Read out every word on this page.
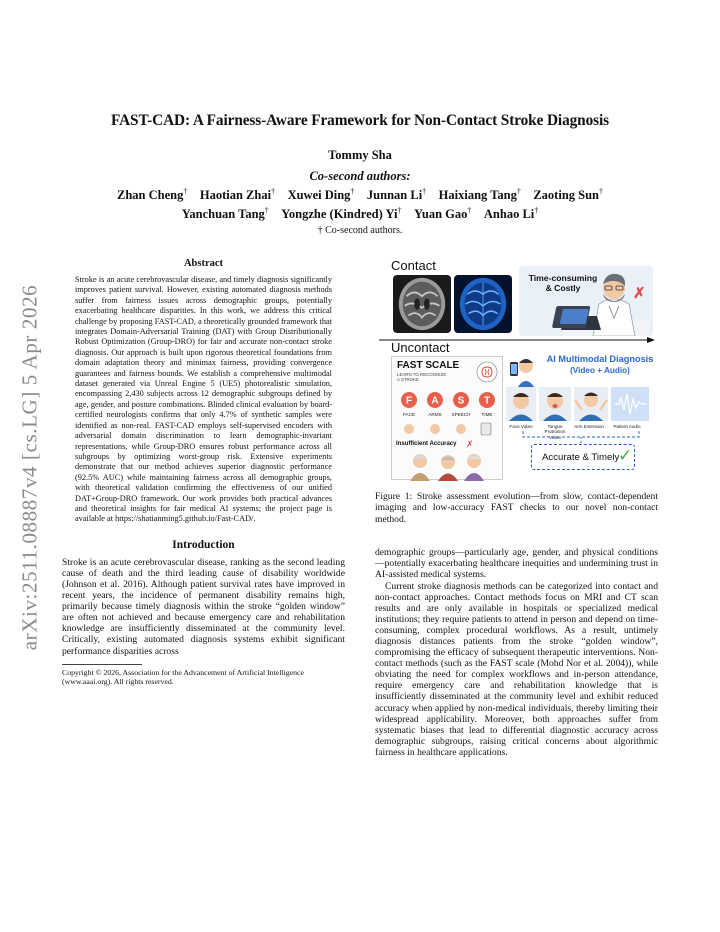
arXiv:2511.08887v4 [cs.LG] 5 Apr 2026
FAST-CAD: A Fairness-Aware Framework for Non-Contact Stroke Diagnosis
Tommy Sha
Co-second authors:
Zhan Cheng†  Haotian Zhai†  Xuwei Ding†  Junnan Li†  Haixiang Tang†  Zaoting Sun†
Yanchuan Tang†  Yongzhe (Kindred) Yi†  Yuan Gao†  Anhao Li†
† Co-second authors.
Abstract
Stroke is an acute cerebrovascular disease, and timely diagnosis significantly improves patient survival. However, existing automated diagnosis methods suffer from fairness issues across demographic groups, potentially exacerbating healthcare disparities. In this work, we address this critical challenge by proposing FAST-CAD, a theoretically grounded framework that integrates Domain-Adversarial Training (DAT) with Group Distributionally Robust Optimization (Group-DRO) for fair and accurate non-contact stroke diagnosis. Our approach is built upon rigorous theoretical foundations from domain adaptation theory and minimax fairness, providing convergence guarantees and fairness bounds. We establish a comprehensive multimodal dataset generated via Unreal Engine 5 (UE5) photorealistic simulation, encompassing 2,430 subjects across 12 demographic subgroups defined by age, gender, and posture combinations. Blinded clinical evaluation by board-certified neurologists confirms that only 4.7% of synthetic samples were identified as non-real. FAST-CAD employs self-supervised encoders with adversarial domain discrimination to learn demographic-invariant representations, while Group-DRO ensures robust performance across all subgroups by optimizing worst-group risk. Extensive experiments demonstrate that our method achieves superior diagnostic performance (92.5% AUC) while maintaining fairness across all demographic groups, with theoretical validation confirming the effectiveness of our unified DAT+Group-DRO framework. Our work provides both practical advances and theoretical insights for fair medical AI systems; the project page is available at https://shatianming5.github.io/Fast-CAD/.
Introduction

Stroke is an acute cerebrovascular disease, ranking as the second leading cause of death and the third leading cause of disability worldwide (Johnson et al. 2016). Although patient survival rates have improved in recent years, the incidence of permanent disability remains high, primarily because timely diagnosis within the stroke “golden window” are often not achieved and because emergency care and rehabilitation knowledge are insufficiently disseminated at the community level. Critically, existing automated diagnosis systems exhibit significant performance disparities across

Copyright © 2026, Association for the Advancement of Artificial Intelligence (www.aaai.org). All rights reserved.
Contact
✗
Time-consuming
& Costly
Uncontact
FAST SCALE
LEARN TO RECOGNIZE A STROKE
F
FACE
A
ARMS
S
SPEECH
T
TIME
Insufficient Accuracy ✗
AI Multimodal Diagnosis
(Video + Audio)
Face Video	Tongue Protrusion Video
Arm Extension	Patient Audio
Accurate & Timely
✓
Figure 1: Stroke assessment evolution—from slow, contact-dependent imaging and low-accuracy FAST checks to our novel non-contact method.

demographic groups—particularly age, gender, and physical conditions—potentially exacerbating healthcare inequities and undermining trust in AI-assisted medical systems.

Current stroke diagnosis methods can be categorized into contact and non-contact approaches. Contact methods focus on MRI and CT scan results and are only available in hospitals or specialized medical institutions; they require patients to attend in person and depend on time-consuming, complex procedural workflows. As a result, untimely diagnosis distances patients from the stroke “golden window”, compromising the efficacy of subsequent therapeutic interventions. Non-contact methods (such as the FAST scale (Mohd Nor et al. 2004)), while obviating the need for complex workflows and in-person attendance, require emergency care and rehabilitation knowledge that is insufficiently disseminated at the community level and exhibit reduced accuracy when applied by non-medical individuals, thereby limiting their widespread applicability. Moreover, both approaches suffer from systematic biases that lead to differential diagnostic accuracy across demographic subgroups, raising critical concerns about algorithmic fairness in healthcare applications.
